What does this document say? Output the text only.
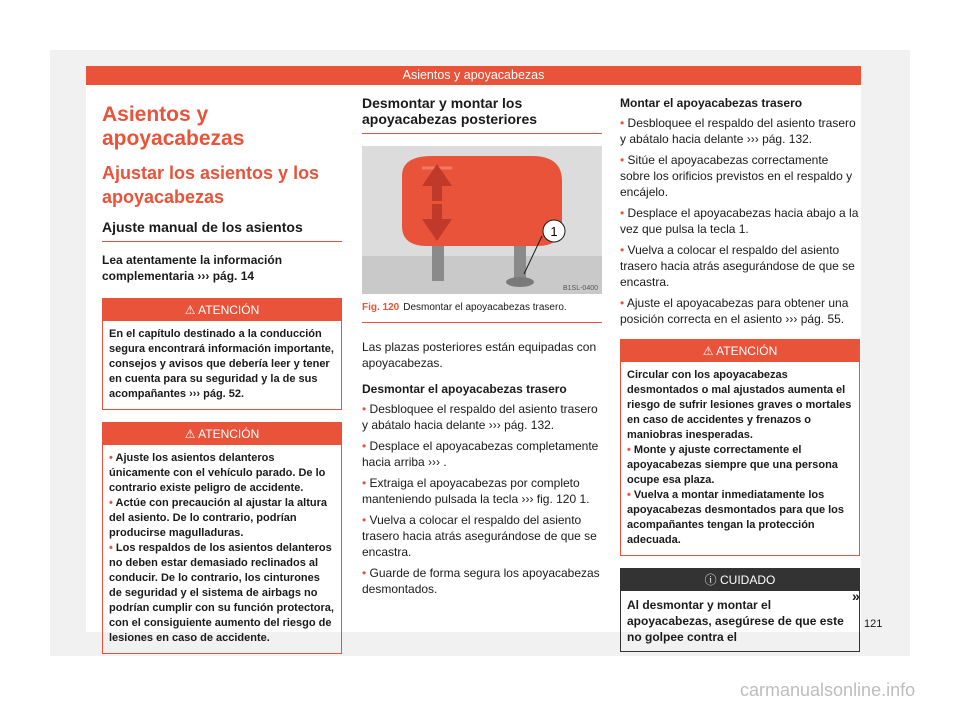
Asientos y apoyacabezas
Asientos y apoyacabezas
Ajustar los asientos y los apoyacabezas
Ajuste manual de los asientos

Lea atentamente la información complementaria ››› pág. 14

⚠ ATENCIÓN

En el capítulo destinado a la conducción segura encontrará información importante, consejos y avisos que debería leer y tener en cuenta para su seguridad y la de sus acompañantes ››› pág. 52.

⚠ ATENCIÓN

• Ajuste los asientos delanteros únicamente con el vehículo parado. De lo contrario existe peligro de accidente.

• Actúe con precaución al ajustar la altura del asiento. De lo contrario, podrían producirse magulladuras.

• Los respaldos de los asientos delanteros no deben estar demasiado reclinados al conducir. De lo contrario, los cinturones de seguridad y el sistema de airbags no podrían cumplir con su función protectora, con el consiguiente aumento del riesgo de lesiones en caso de accidente.

Desmontar y montar los apoyacabezas posteriores
1
B1SL-0400

Fig. 120 Desmontar el apoyacabezas trasero.

Las plazas posteriores están equipadas con apoyacabezas.

Desmontar el apoyacabezas trasero

• Desbloquee el respaldo del asiento trasero y abátalo hacia delante ››› pág. 132.

• Desplace el apoyacabezas completamente hacia arriba ››› .

• Extraiga el apoyacabezas por completo manteniendo pulsada la tecla ››› fig. 120 1.

• Vuelva a colocar el respaldo del asiento trasero hacia atrás asegurándose de que se encastra.

• Guarde de forma segura los apoyacabezas desmontados.

Montar el apoyacabezas trasero

• Desbloquee el respaldo del asiento trasero y abátalo hacia delante ››› pág. 132.

• Sitúe el apoyacabezas correctamente sobre los orificios previstos en el respaldo y encájelo.

• Desplace el apoyacabezas hacia abajo a la vez que pulsa la tecla 1.

• Vuelva a colocar el respaldo del asiento trasero hacia atrás asegurándose de que se encastra.

• Ajuste el apoyacabezas para obtener una posición correcta en el asiento ››› pág. 55.

⚠ ATENCIÓN

Circular con los apoyacabezas desmontados o mal ajustados aumenta el riesgo de sufrir lesiones graves o mortales en caso de accidentes y frenazos o maniobras inesperadas.

• Monte y ajuste correctamente el apoyacabezas siempre que una persona ocupe esa plaza.

• Vuelva a montar inmediatamente los apoyacabezas desmontados para que los acompañantes tengan la protección adecuada.

ⓘ CUIDADO

Al desmontar y montar el apoyacabezas, asegúrese de que este no golpee contra el

»
121
carmanualsonline.info
